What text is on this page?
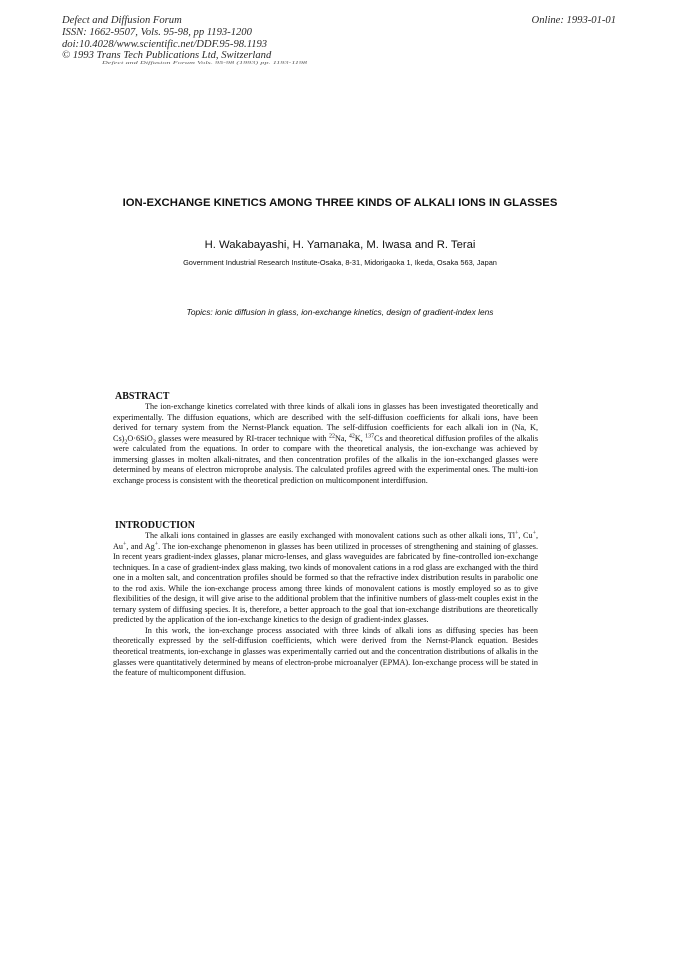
Defect and Diffusion Forum
ISSN: 1662-9507, Vols. 95-98, pp 1193-1200
doi:10.4028/www.scientific.net/DDF.95-98.1193
© 1993 Trans Tech Publications Ltd, Switzerland
Online: 1993-01-01
Defect and Diffusion Forum Vols. 95-98 (1993) pp. 1193-1198
ION-EXCHANGE KINETICS AMONG THREE KINDS OF ALKALI IONS IN GLASSES
H. Wakabayashi, H. Yamanaka, M. Iwasa and R. Terai
Government Industrial Research Institute-Osaka, 8-31, Midorigaoka 1, Ikeda, Osaka 563, Japan
Topics: ionic diffusion in glass, ion-exchange kinetics, design of gradient-index lens
ABSTRACT

The ion-exchange kinetics correlated with three kinds of alkali ions in glasses has been investigated theoretically and experimentally. The diffusion equations, which are described with the self-diffusion coefficients for alkali ions, have been derived for ternary system from the Nernst-Planck equation. The self-diffusion coefficients for each alkali ion in (Na, K, $Cs)_2O\cdot 6SiO_2$ glasses were measured by RI-tracer technique with $^{22}$Na, $^{42}$K, $^{137}$Cs and theoretical diffusion profiles of the alkalis were calculated from the equations. In order to compare with the theoretical analysis, the ion-exchange was achieved by immersing glasses in molten alkali-nitrates, and then concentration profiles of the alkalis in the ion-exchanged glasses were determined by means of electron microprobe analysis. The calculated profiles agreed with the experimental ones. The multi-ion exchange process is consistent with the theoretical prediction on multicomponent interdiffusion.

INTRODUCTION

The alkali ions contained in glasses are easily exchanged with monovalent cations such as other alkali ions, Tl+, Cu+, Au+, and Ag+. The ion-exchange phenomenon in glasses has been utilized in processes of strengthening and staining of glasses. In recent years gradient-index glasses, planar micro-lenses, and glass waveguides are fabricated by fine-controlled ion-exchange techniques. In a case of gradient-index glass making, two kinds of monovalent cations in a rod glass are exchanged with the third one in a molten salt, and concentration profiles should be formed so that the refractive index distribution results in parabolic one to the rod axis. While the ion-exchange process among three kinds of monovalent cations is mostly employed so as to give flexibilities of the design, it will give arise to the additional problem that the infinitive numbers of glass-melt couples exist in the ternary system of diffusing species. It is, therefore, a better approach to the goal that ion-exchange distributions are theoretically predicted by the application of the ion-exchange kinetics to the design of gradient-index glasses.

In this work, the ion-exchange process associated with three kinds of alkali ions as diffusing species has been theoretically expressed by the self-diffusion coefficients, which were derived from the Nernst-Planck equation. Besides theoretical treatments, ion-exchange in glasses was experimentally carried out and the concentration distributions of alkalis in the glasses were quantitatively determined by means of electron-probe microanalyer (EPMA). Ion-exchange process will be stated in the feature of multicomponent diffusion.
